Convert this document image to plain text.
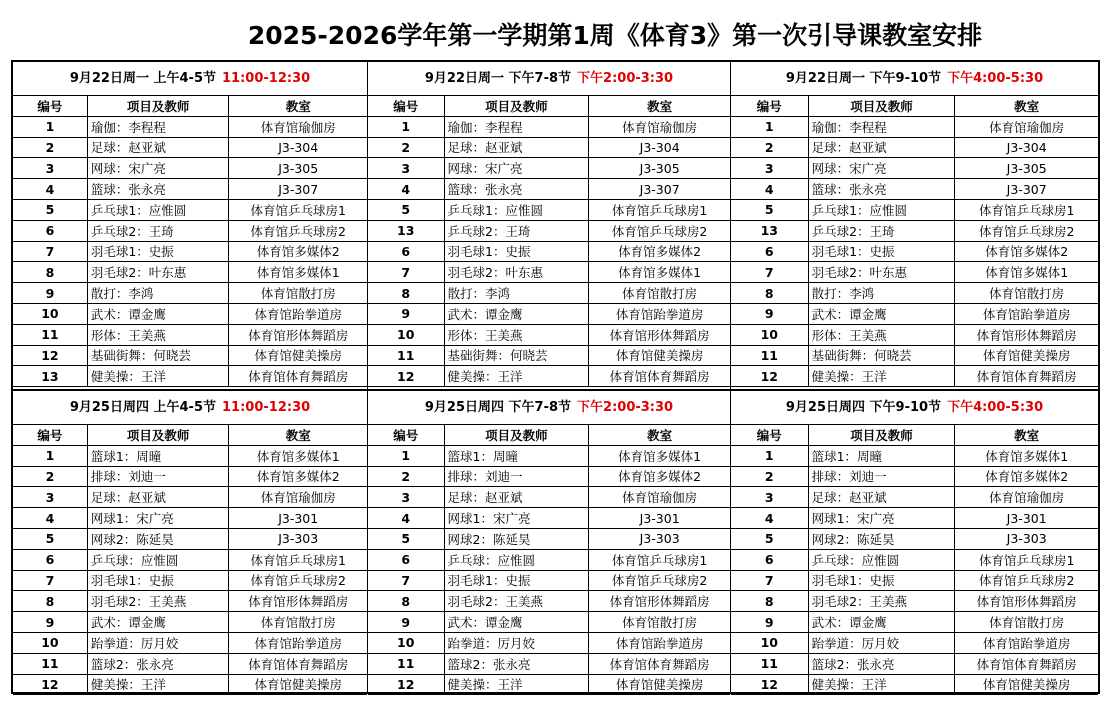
2025-2026学年第一学期第1周《体育3》第一次引导课教室安排
9月22日周一 上午4-5节 11:00-12:30
编号	项目及教师	教室
1	瑜伽：李程程	体育馆瑜伽房
2	足球：赵亚斌	J3-304
3	网球：宋广亮	J3-305
4	篮球：张永亮	J3-307
5	乒乓球1：应惟圆	体育馆乒乓球房1
6	乒乓球2：王琦	体育馆乒乓球房2
7	羽毛球1：史振	体育馆多媒体2
8	羽毛球2：叶东惠	体育馆多媒体1
9	散打：李鸿	体育馆散打房
10	武术：谭金鹰	体育馆跆拳道房
11	形体：王美燕	体育馆形体舞蹈房
12	基础街舞：何晓芸	体育馆健美操房
13	健美操：王洋	体育馆体育舞蹈房
9月22日周一 下午7-8节 下午2:00-3:30
编号	项目及教师	教室
1	瑜伽：李程程	体育馆瑜伽房
2	足球：赵亚斌	J3-304
3	网球：宋广亮	J3-305
4	篮球：张永亮	J3-307
5	乒乓球1：应惟圆	体育馆乒乓球房1
13	乒乓球2：王琦	体育馆乒乓球房2
6	羽毛球1：史振	体育馆多媒体2
7	羽毛球2：叶东惠	体育馆多媒体1
8	散打：李鸿	体育馆散打房
9	武术：谭金鹰	体育馆跆拳道房
10	形体：王美燕	体育馆形体舞蹈房
11	基础街舞：何晓芸	体育馆健美操房
12	健美操：王洋	体育馆体育舞蹈房
9月22日周一 下午9-10节 下午4:00-5:30
编号	项目及教师	教室
1	瑜伽：李程程	体育馆瑜伽房
2	足球：赵亚斌	J3-304
3	网球：宋广亮	J3-305
4	篮球：张永亮	J3-307
5	乒乓球1：应惟圆	体育馆乒乓球房1
13	乒乓球2：王琦	体育馆乒乓球房2
6	羽毛球1：史振	体育馆多媒体2
7	羽毛球2：叶东惠	体育馆多媒体1
8	散打：李鸿	体育馆散打房
9	武术：谭金鹰	体育馆跆拳道房
10	形体：王美燕	体育馆形体舞蹈房
11	基础街舞：何晓芸	体育馆健美操房
12	健美操：王洋	体育馆体育舞蹈房
9月25日周四 上午4-5节 11:00-12:30
编号	项目及教师	教室
1	篮球1：周曈	体育馆多媒体1
2	排球：刘迪一	体育馆多媒体2
3	足球：赵亚斌	体育馆瑜伽房
4	网球1：宋广亮	J3-301
5	网球2：陈延昊	J3-303
6	乒乓球：应惟圆	体育馆乒乓球房1
7	羽毛球1：史振	体育馆乒乓球房2
8	羽毛球2：王美燕	体育馆形体舞蹈房
9	武术：谭金鹰	体育馆散打房
10	跆拳道：厉月姣	体育馆跆拳道房
11	篮球2：张永亮	体育馆体育舞蹈房
12	健美操：王洋	体育馆健美操房
9月25日周四 下午7-8节 下午2:00-3:30
编号	项目及教师	教室
1	篮球1：周曈	体育馆多媒体1
2	排球：刘迪一	体育馆多媒体2
3	足球：赵亚斌	体育馆瑜伽房
4	网球1：宋广亮	J3-301
5	网球2：陈延昊	J3-303
6	乒乓球：应惟圆	体育馆乒乓球房1
7	羽毛球1：史振	体育馆乒乓球房2
8	羽毛球2：王美燕	体育馆形体舞蹈房
9	武术：谭金鹰	体育馆散打房
10	跆拳道：厉月姣	体育馆跆拳道房
11	篮球2：张永亮	体育馆体育舞蹈房
12	健美操：王洋	体育馆健美操房
9月25日周四 下午9-10节 下午4:00-5:30
编号	项目及教师	教室
1	篮球1：周曈	体育馆多媒体1
2	排球：刘迪一	体育馆多媒体2
3	足球：赵亚斌	体育馆瑜伽房
4	网球1：宋广亮	J3-301
5	网球2：陈延昊	J3-303
6	乒乓球：应惟圆	体育馆乒乓球房1
7	羽毛球1：史振	体育馆乒乓球房2
8	羽毛球2：王美燕	体育馆形体舞蹈房
9	武术：谭金鹰	体育馆散打房
10	跆拳道：厉月姣	体育馆跆拳道房
11	篮球2：张永亮	体育馆体育舞蹈房
12	健美操：王洋	体育馆健美操房
